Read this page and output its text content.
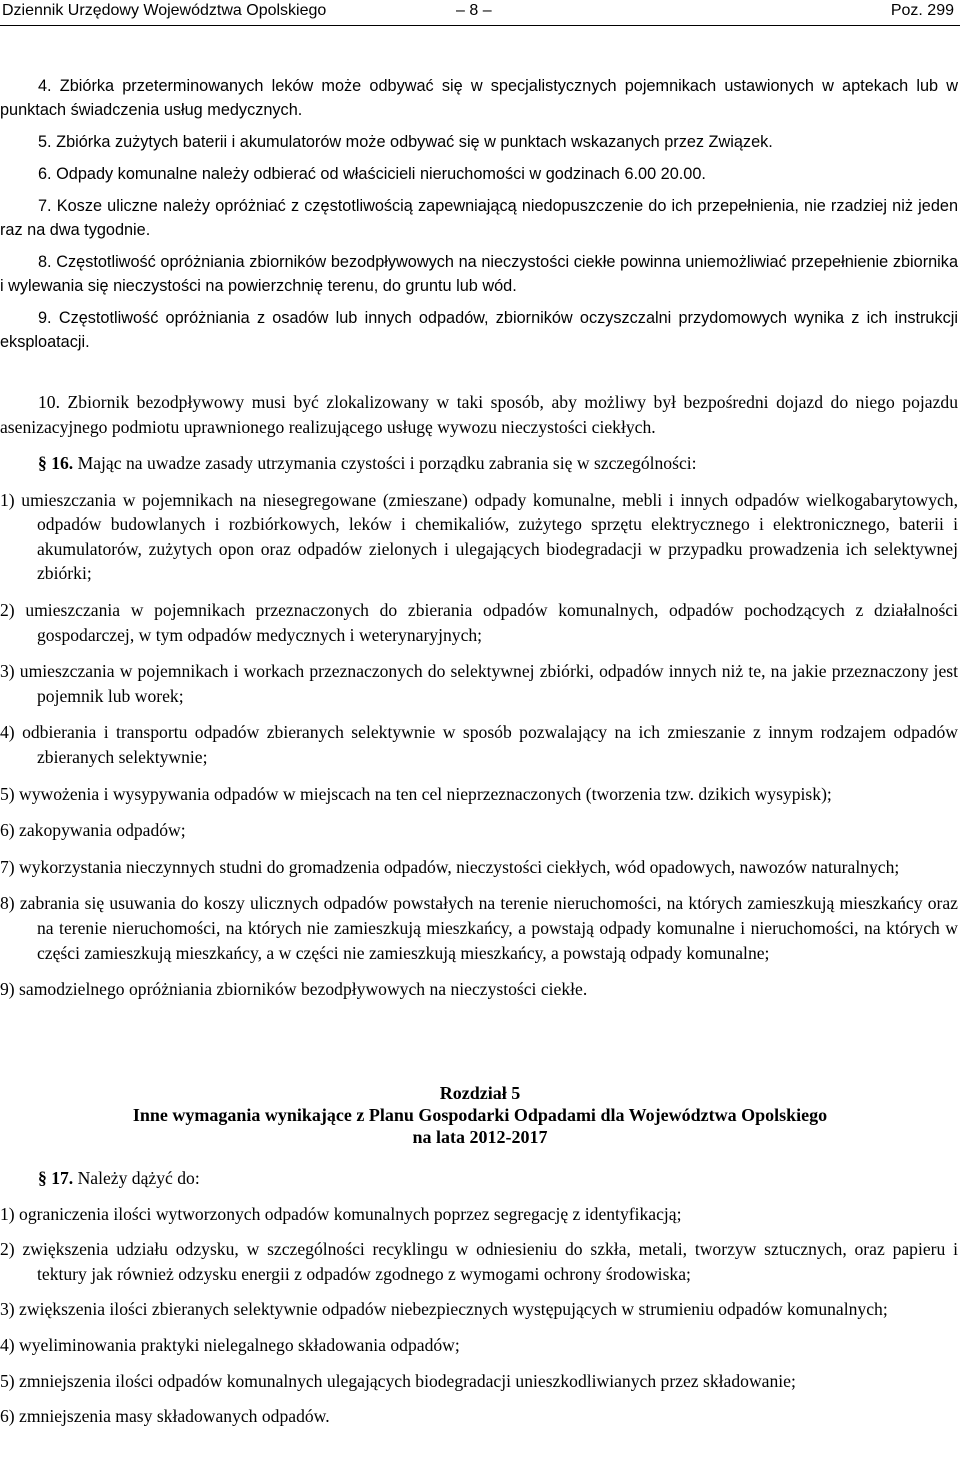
Dziennik Urzędowy Województwa Opolskiego	– 8 –	Poz. 299

4. Zbiórka przeterminowanych leków może odbywać się w specjalistycznych pojemnikach ustawionych w aptekach lub w punktach świadczenia usług medycznych.

5. Zbiórka zużytych baterii i akumulatorów może odbywać się w punktach wskazanych przez Związek.

6. Odpady komunalne należy odbierać od właścicieli nieruchomości w godzinach 6.00 20.00.

7. Kosze uliczne należy opróżniać z częstotliwością zapewniającą niedopuszczenie do ich przepełnienia, nie rzadziej niż jeden raz na dwa tygodnie.

8. Częstotliwość opróżniania zbiorników bezodpływowych na nieczystości ciekłe powinna uniemożliwiać przepełnienie zbiornika i wylewania się nieczystości na powierzchnię terenu, do gruntu lub wód.

9. Częstotliwość opróżniania z osadów lub innych odpadów, zbiorników oczyszczalni przydomowych wynika z ich instrukcji eksploatacji.

10. Zbiornik bezodpływowy musi być zlokalizowany w taki sposób, aby możliwy był bezpośredni dojazd do niego pojazdu asenizacyjnego podmiotu uprawnionego realizującego usługę wywozu nieczystości ciekłych.

§ 16. Mając na uwadze zasady utrzymania czystości i porządku zabrania się w szczególności:

1) umieszczania w pojemnikach na niesegregowane (zmieszane) odpady komunalne, mebli i innych odpadów wielkogabarytowych, odpadów budowlanych i rozbiórkowych, leków i chemikaliów, zużytego sprzętu elektrycznego i elektronicznego, baterii i akumulatorów, zużytych opon oraz odpadów zielonych i ulegających biodegradacji w przypadku prowadzenia ich selektywnej zbiórki;

2) umieszczania w pojemnikach przeznaczonych do zbierania odpadów komunalnych, odpadów pochodzących z działalności gospodarczej, w tym odpadów medycznych i weterynaryjnych;

3) umieszczania w pojemnikach i workach przeznaczonych do selektywnej zbiórki, odpadów innych niż te, na jakie przeznaczony jest pojemnik lub worek;

4) odbierania i transportu odpadów zbieranych selektywnie w sposób pozwalający na ich zmieszanie z innym rodzajem odpadów zbieranych selektywnie;

5) wywożenia i wysypywania odpadów w miejscach na ten cel nieprzeznaczonych (tworzenia tzw. dzikich wysypisk);

6) zakopywania odpadów;

7) wykorzystania nieczynnych studni do gromadzenia odpadów, nieczystości ciekłych, wód opadowych, nawozów naturalnych;

8) zabrania się usuwania do koszy ulicznych odpadów powstałych na terenie nieruchomości, na których zamieszkują mieszkańcy oraz na terenie nieruchomości, na których nie zamieszkują mieszkańcy, a powstają odpady komunalne i nieruchomości, na których w części zamieszkują mieszkańcy, a w części nie zamieszkują mieszkańcy, a powstają odpady komunalne;

9) samodzielnego opróżniania zbiorników bezodpływowych na nieczystości ciekłe.

Rozdział 5
Inne wymagania wynikające z Planu Gospodarki Odpadami dla Województwa Opolskiego
na lata 2012-2017

§ 17. Należy dążyć do:

1) ograniczenia ilości wytworzonych odpadów komunalnych poprzez segregację z identyfikacją;

2) zwiększenia udziału odzysku, w szczególności recyklingu w odniesieniu do szkła, metali, tworzyw sztucznych, oraz papieru i tektury jak również odzysku energii z odpadów zgodnego z wymogami ochrony środowiska;

3) zwiększenia ilości zbieranych selektywnie odpadów niebezpiecznych występujących w strumieniu odpadów komunalnych;

4) wyeliminowania praktyki nielegalnego składowania odpadów;

5) zmniejszenia ilości odpadów komunalnych ulegających biodegradacji unieszkodliwianych przez składowanie;

6) zmniejszenia masy składowanych odpadów.
